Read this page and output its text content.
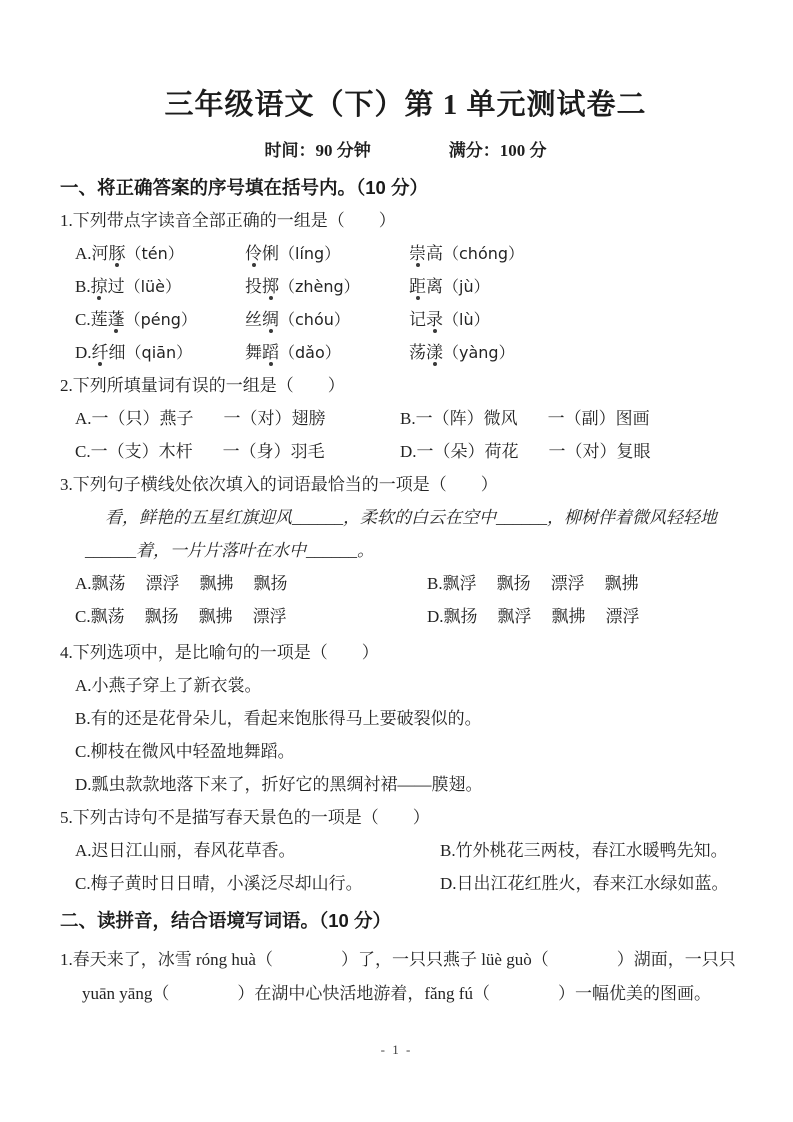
三年级语文（下）第 1 单元测试卷二
时间：90 分钟	满分：100 分
一、将正确答案的序号填在括号内。（10 分）

1.下列带点字读音全部正确的一组是（　　）

A.河豚（tén）	伶俐（líng）	崇高（chóng）
B.掠过（lüè）	投掷（zhèng）	距离（jù）
C.莲蓬（péng）	丝绸（chóu）	记录（lù）
D.纤细（qiān）	舞蹈（dǎo）	荡漾（yàng）

2.下列所填量词有误的一组是（　　）

A.一（只）燕子 一（对）翅膀	B.一（阵）微风 一（副）图画
C.一（支）木杆 一（身）羽毛	D.一（朵）荷花 一（对）复眼

3.下列句子横线处依次填入的词语最恰当的一项是（　　）

看，鲜艳的五星红旗迎风______，柔软的白云在空中______，柳树伴着微风轻轻地______着，一片片落叶在水中______。

A.飘荡 漂浮 飘拂 飘扬	B.飘浮 飘扬 漂浮 飘拂
C.飘荡 飘扬 飘拂 漂浮	D.飘扬 飘浮 飘拂 漂浮

4.下列选项中，是比喻句的一项是（　　）

A.小燕子穿上了新衣裳。

B.有的还是花骨朵儿，看起来饱胀得马上要破裂似的。

C.柳枝在微风中轻盈地舞蹈。

D.瓢虫款款地落下来了，折好它的黑绸衬裙——膜翅。

5.下列古诗句不是描写春天景色的一项是（　　）

A.迟日江山丽，春风花草香。	B.竹外桃花三两枝，春江水暖鸭先知。
C.梅子黄时日日晴，小溪泛尽却山行。	D.日出江花红胜火，春来江水绿如蓝。
二、读拼音，结合语境写词语。（10 分）

1.春天来了，冰雪 róng huà（　　　　）了，一只只燕子 lüè guò（　　　　）湖面，一只只 yuān yāng（　　　　）在湖中心快活地游着，fǎng fú（　　　　）一幅优美的图画。

- 1 -
